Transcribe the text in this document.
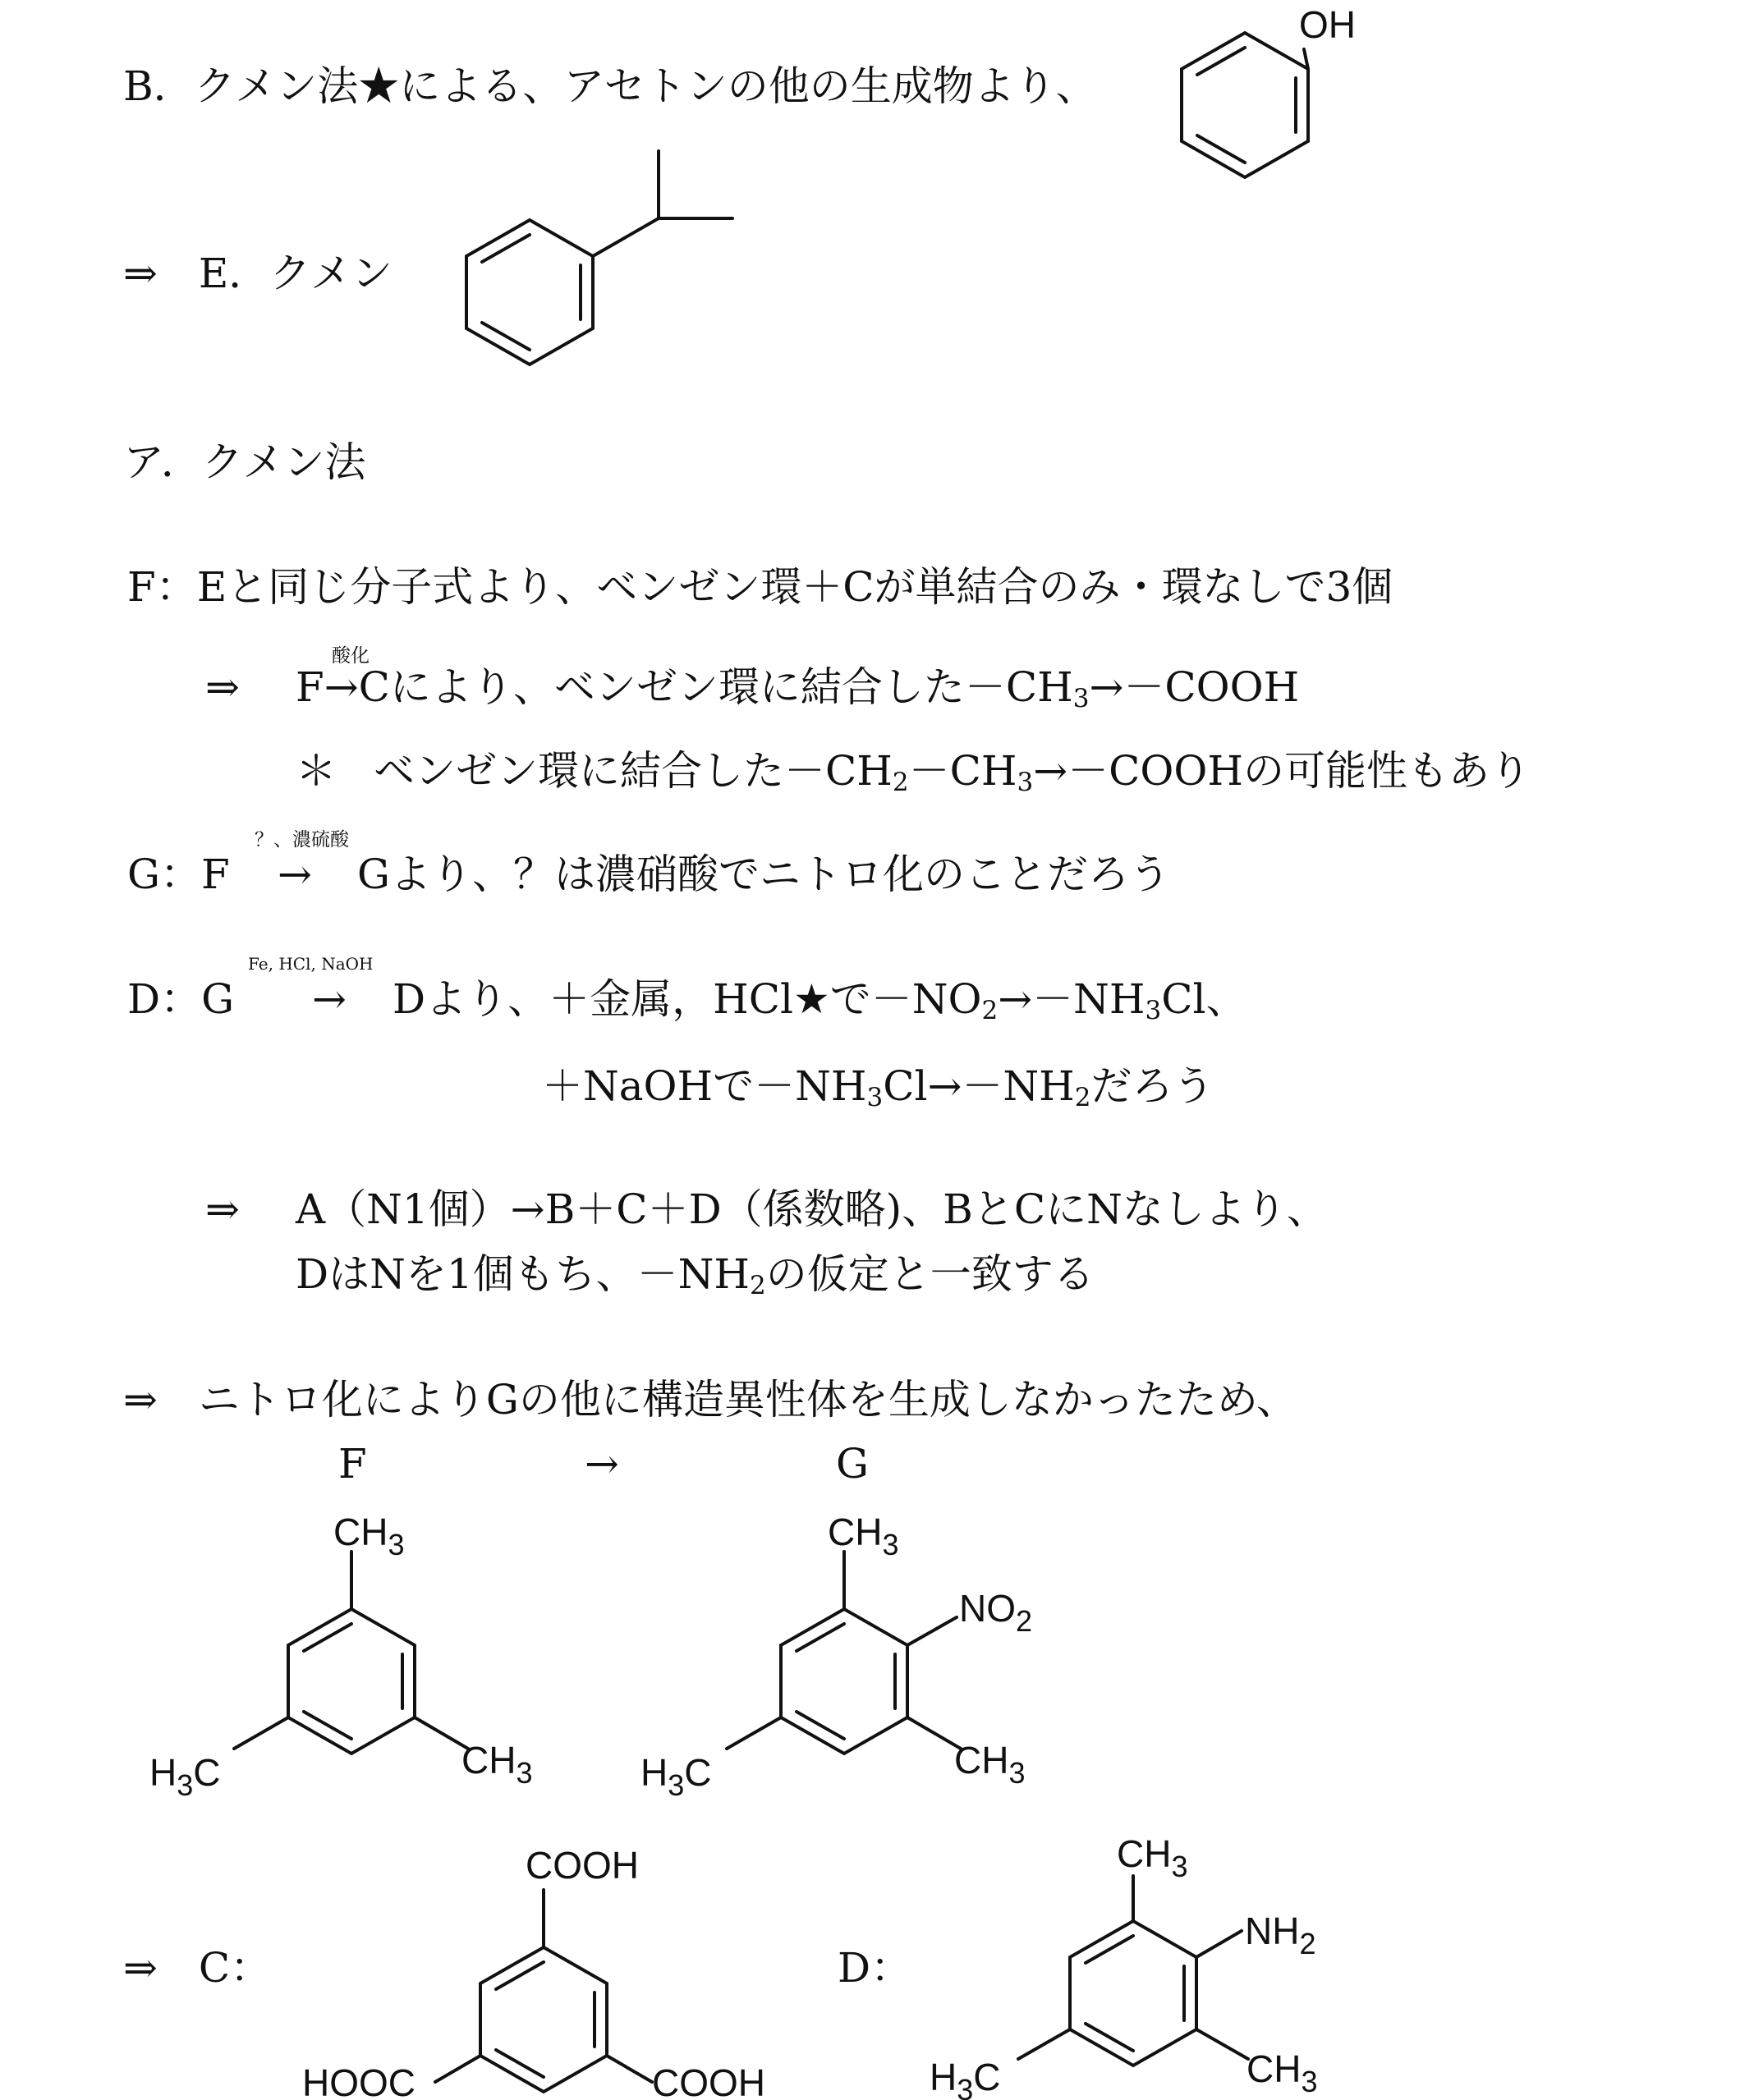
B．クメン法★による、アセトンの他の生成物より、
OH
⇒　E．クメン
ア．クメン法
F：Eと同じ分子式より、ベンゼン環＋Cが単結合のみ・環なしで3個
酸化
⇒ F→Cにより、ベンゼン環に結合した$-CH_3\to-COOH$
＊ ベンゼン環に結合した$-CH_2-CH_3\to-COOH$の可能性もあり
？、濃硫酸
G：F → Gより、？は濃硝酸でニトロ化のことだろう
Fe, HCl, NaOH
D：G → Dより、＋金属，HCl★で$-NO_2\to-NH_3Cl$、
＋NaOHで$-NH_3Cl\to-NH_2$だろう
⇒ A（N1個）→B＋C＋D（係数略)、BとCにNなしより、
DはNを1個もち、$-NH_2$の仮定と一致する
⇒　ニトロ化によりGの他に構造異性体を生成しなかったため、
F	→	G
$CH_3$
$H_3C$	$CH_3$
$CH_3$
$NO_2$
$H_3C$	$CH_3$
⇒　C：
COOH
HOOC	COOH
D：
$CH_3$
$NH_2$
$H_3C$	$CH_3$
